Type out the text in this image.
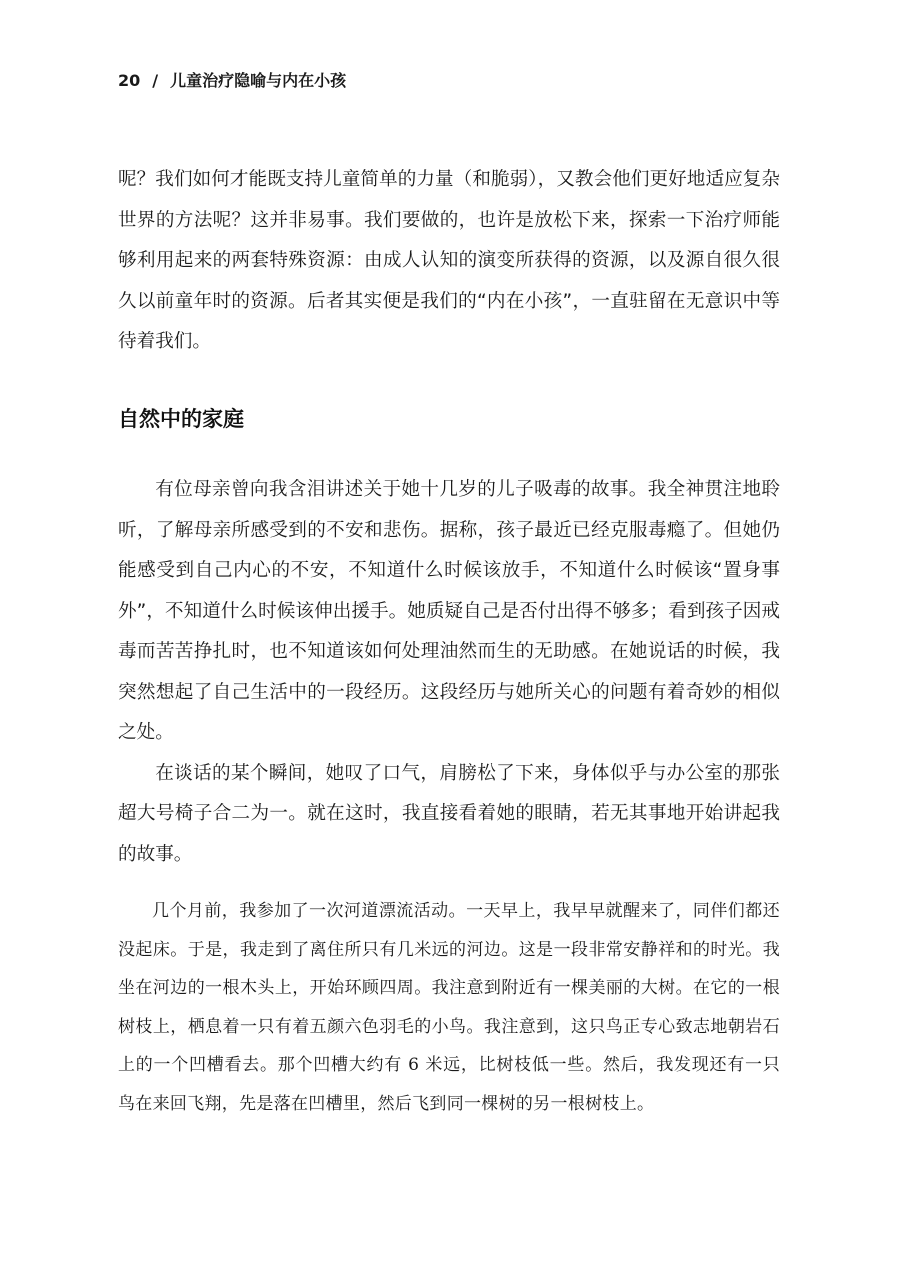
20 / 儿童治疗隐喻与内在小孩

呢？我们如何才能既支持儿童简单的力量（和脆弱），又教会他们更好地适应复杂世界的方法呢？这并非易事。我们要做的，也许是放松下来，探索一下治疗师能够利用起来的两套特殊资源：由成人认知的演变所获得的资源，以及源自很久很久以前童年时的资源。后者其实便是我们的“内在小孩”，一直驻留在无意识中等待着我们。

自然中的家庭

有位母亲曾向我含泪讲述关于她十几岁的儿子吸毒的故事。我全神贯注地聆听，了解母亲所感受到的不安和悲伤。据称，孩子最近已经克服毒瘾了。但她仍能感受到自己内心的不安，不知道什么时候该放手，不知道什么时候该“置身事外”，不知道什么时候该伸出援手。她质疑自己是否付出得不够多；看到孩子因戒毒而苦苦挣扎时，也不知道该如何处理油然而生的无助感。在她说话的时候，我突然想起了自己生活中的一段经历。这段经历与她所关心的问题有着奇妙的相似之处。

在谈话的某个瞬间，她叹了口气，肩膀松了下来，身体似乎与办公室的那张超大号椅子合二为一。就在这时，我直接看着她的眼睛，若无其事地开始讲起我的故事。

几个月前，我参加了一次河道漂流活动。一天早上，我早早就醒来了，同伴们都还没起床。于是，我走到了离住所只有几米远的河边。这是一段非常安静祥和的时光。我坐在河边的一根木头上，开始环顾四周。我注意到附近有一棵美丽的大树。在它的一根树枝上，栖息着一只有着五颜六色羽毛的小鸟。我注意到，这只鸟正专心致志地朝岩石上的一个凹槽看去。那个凹槽大约有 6 米远，比树枝低一些。然后，我发现还有一只鸟在来回飞翔，先是落在凹槽里，然后飞到同一棵树的另一根树枝上。
